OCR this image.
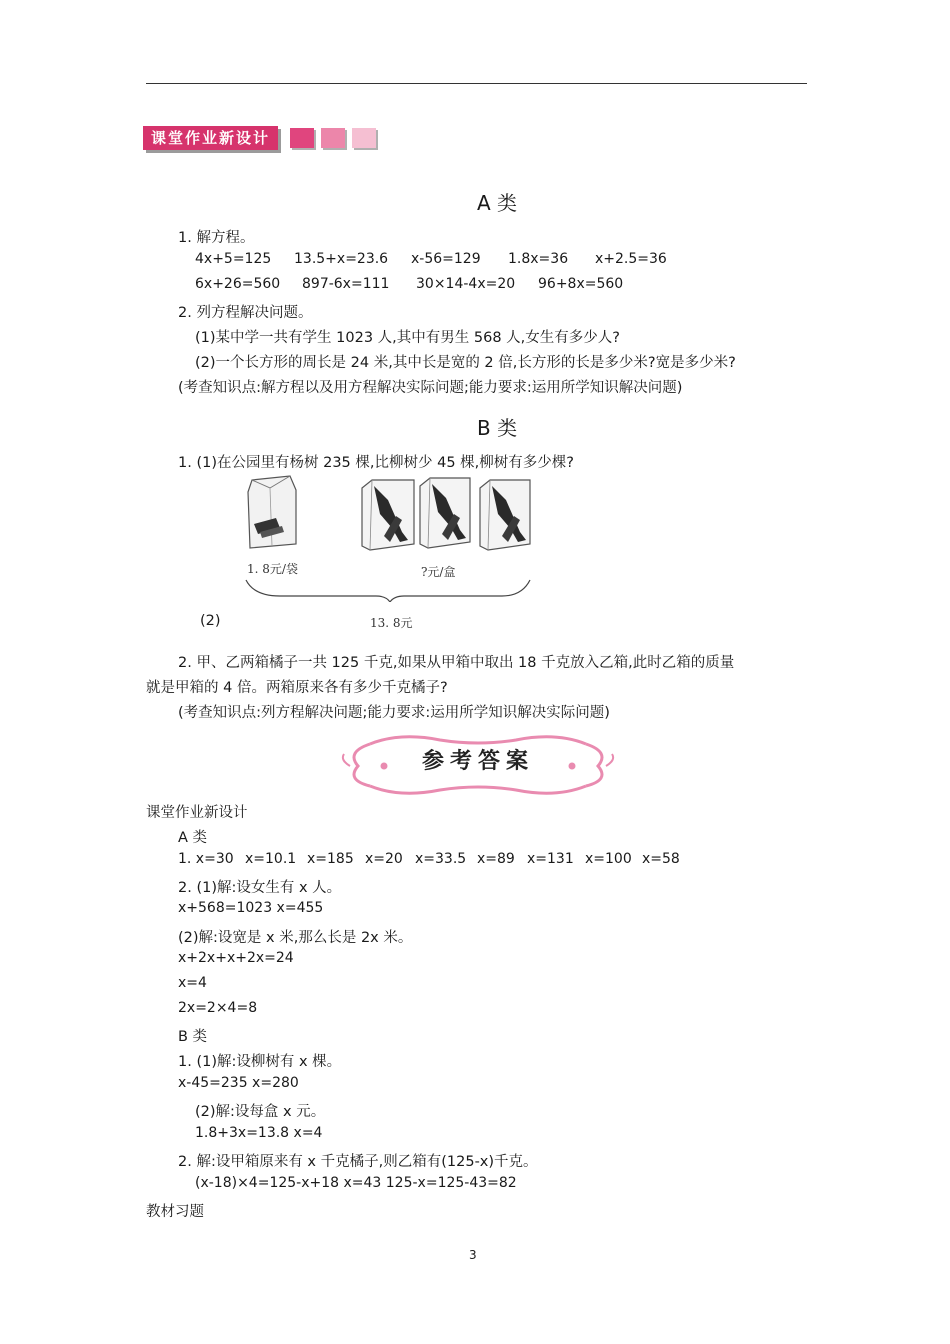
课堂作业新设计
A 类
1. 解方程。
4x+5=125 13.5+x=23.6 x-56=129 1.8x=36 x+2.5=36
6x+26=560 897-6x=111 30×14-4x=20 96+8x=560
2. 列方程解决问题。
(1)某中学一共有学生 1023 人,其中有男生 568 人,女生有多少人?
(2)一个长方形的周长是 24 米,其中长是宽的 2 倍,长方形的长是多少米?宽是多少米?
(考查知识点:解方程以及用方程解决实际问题;能力要求:运用所学知识解决问题)
B 类
1. (1)在公园里有杨树 235 棵,比柳树少 45 棵,柳树有多少棵?
1. 8元/袋	?元/盒
(2)	13. 8元
2. 甲、乙两箱橘子一共 125 千克,如果从甲箱中取出 18 千克放入乙箱,此时乙箱的质量
就是甲箱的 4 倍。两箱原来各有多少千克橘子?
(考查知识点:列方程解决问题;能力要求:运用所学知识解决实际问题)
参考答案
课堂作业新设计
A 类
1. x=30 x=10.1 x=185 x=20 x=33.5 x=89 x=131 x=100 x=58
2. (1)解:设女生有 x 人。
x+568=1023 x=455
(2)解:设宽是 x 米,那么长是 2x 米。
x+2x+x+2x=24
x=4
2x=2×4=8
B 类
1. (1)解:设柳树有 x 棵。
x-45=235 x=280
(2)解:设每盒 x 元。
1.8+3x=13.8 x=4
2. 解:设甲箱原来有 x 千克橘子,则乙箱有(125-x)千克。
(x-18)×4=125-x+18 x=43 125-x=125-43=82
教材习题
3
